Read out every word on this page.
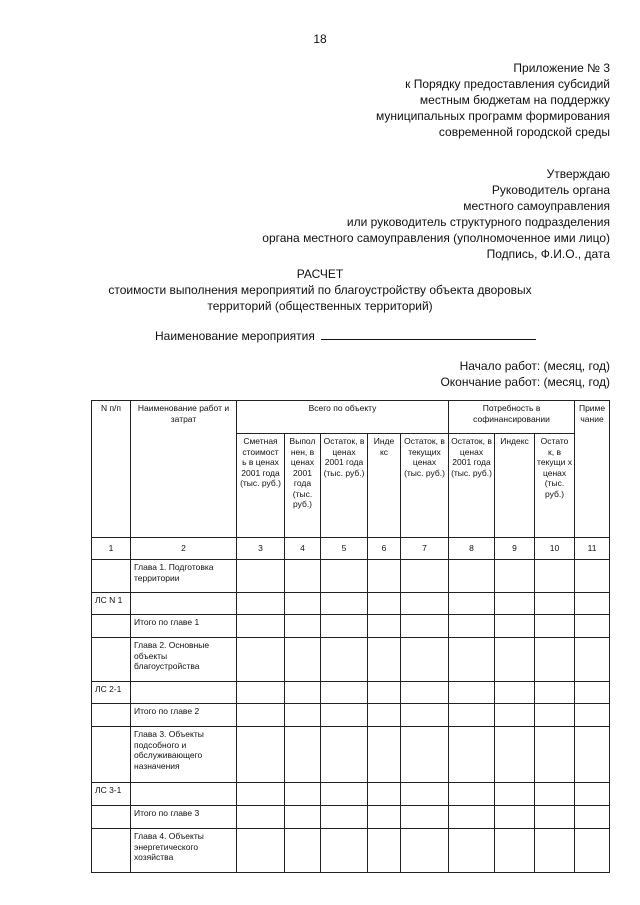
18
Приложение № 3
к Порядку предоставления субсидий
местным бюджетам на поддержку
муниципальных программ формирования
современной городской среды
Утверждаю
Руководитель органа
местного самоуправления
или руководитель структурного подразделения
органа местного самоуправления (уполномоченное ими лицо)
Подпись, Ф.И.О., дата
РАСЧЕТ
стоимости выполнения мероприятий по благоустройству объекта дворовых
территорий (общественных территорий)
Наименование мероприятия
Начало работ: (месяц, год)
Окончание работ: (месяц, год)
N п/п	Наименование работ и затрат	Всего по объекту					Потребность в софинансировании			Приме чание
		Сметная стоимост ь в ценах 2001 года (тыс. руб.)	Выпол нен, в ценах 2001 года (тыс. руб.)	Остаток, в ценах 2001 года (тыс. руб.)	Инде кс	Остаток, в текущих ценах (тыс. руб.)	Остаток, в ценах 2001 года (тыс. руб.)	Индекс	Остато к, в текущи х ценах (тыс. руб.)	
1	2	3	4	5	6	7	8	9	10	11
	Глава 1. Подготовка территории									
ЛС N 1										
	Итого по главе 1									
	Глава 2. Основные объекты благоустройства									
ЛС 2-1										
	Итого по главе 2									
	Глава 3. Объекты подсобного и обслуживающего назначения									
ЛС 3-1										
	Итого по главе 3									
	Глава 4. Объекты энергетического хозяйства									
